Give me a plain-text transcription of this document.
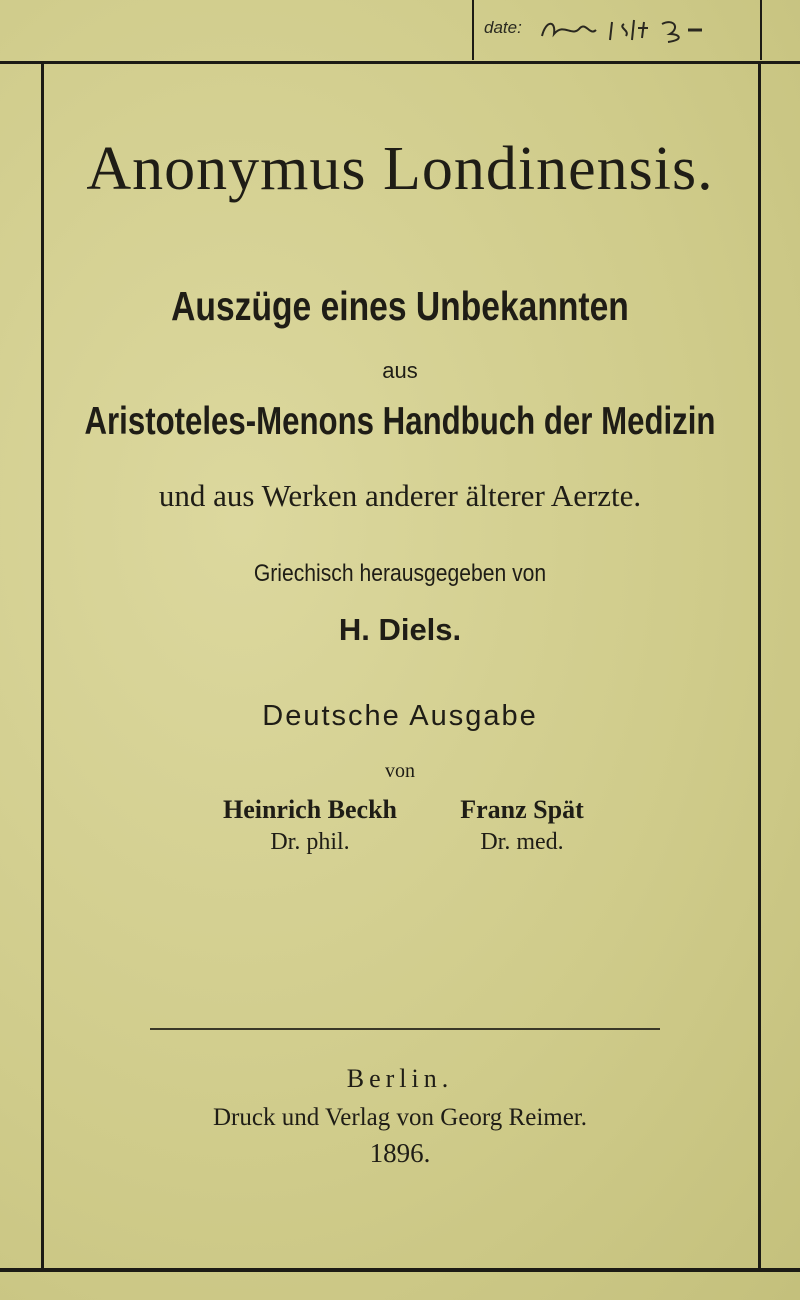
date:
Anonymus Londinensis.
Auszüge eines Unbekannten
aus
Aristoteles-Menons Handbuch der Medizin
und aus Werken anderer älterer Aerzte.
Griechisch herausgegeben von
H. Diels.
Deutsche Ausgabe
von
Heinrich Beckh
Dr. phil.
Franz Spät
Dr. med.
Berlin.
Druck und Verlag von Georg Reimer.
1896.
